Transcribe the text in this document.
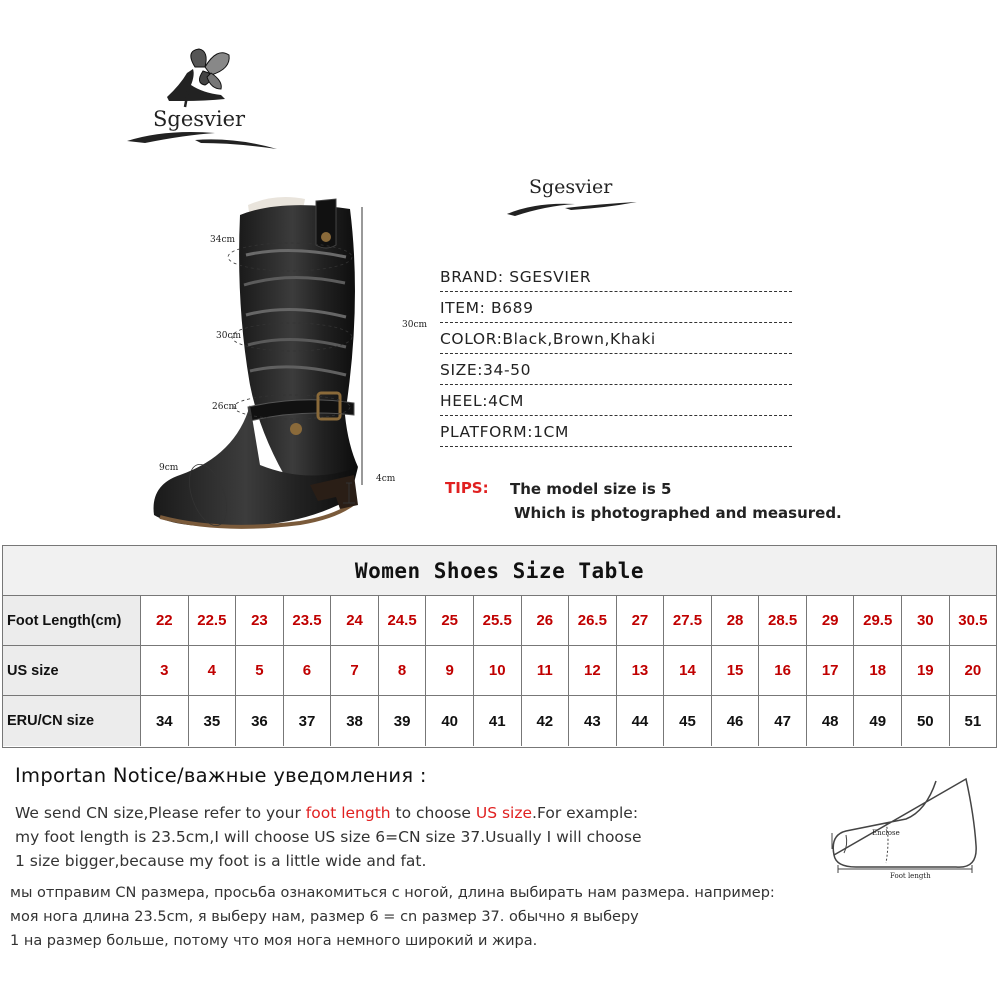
Sgesvier
Sgesvier
34cm
30cm
26cm
9cm
30cm
4cm
BRAND: SGESVIER
ITEM: B689
COLOR:Black,Brown,Khaki
SIZE:34-50
HEEL:4CM
PLATFORM:1CM
TIPS: The model size is 5
Which is photographed and measured.
Women Shoes Size Table
Foot Length(cm)	22	22.5	23	23.5	24	24.5	25	25.5	26	26.5	27	27.5	28	28.5	29	29.5	30	30.5
US size	3	4	5	6	7	8	9	10	11	12	13	14	15	16	17	18	19	20
ERU/CN size	34	35	36	37	38	39	40	41	42	43	44	45	46	47	48	49	50	51
Importan Notice/важные уведомления :
We send CN size,Please refer to your foot length to choose US size.For example:
my foot length is 23.5cm,I will choose US size 6=CN size 37.Usually I will choose
1 size bigger,because my foot is a little wide and fat.
мы отправим CN размера, просьба ознакомиться с ногой, длина выбирать нам размера. например:
моя нога длина 23.5cm, я выберу нам, размер 6 = cn размер 37. обычно я выберу
1 на размер больше, потому что моя нога немного широкий и жира.
Enclose
Foot length
